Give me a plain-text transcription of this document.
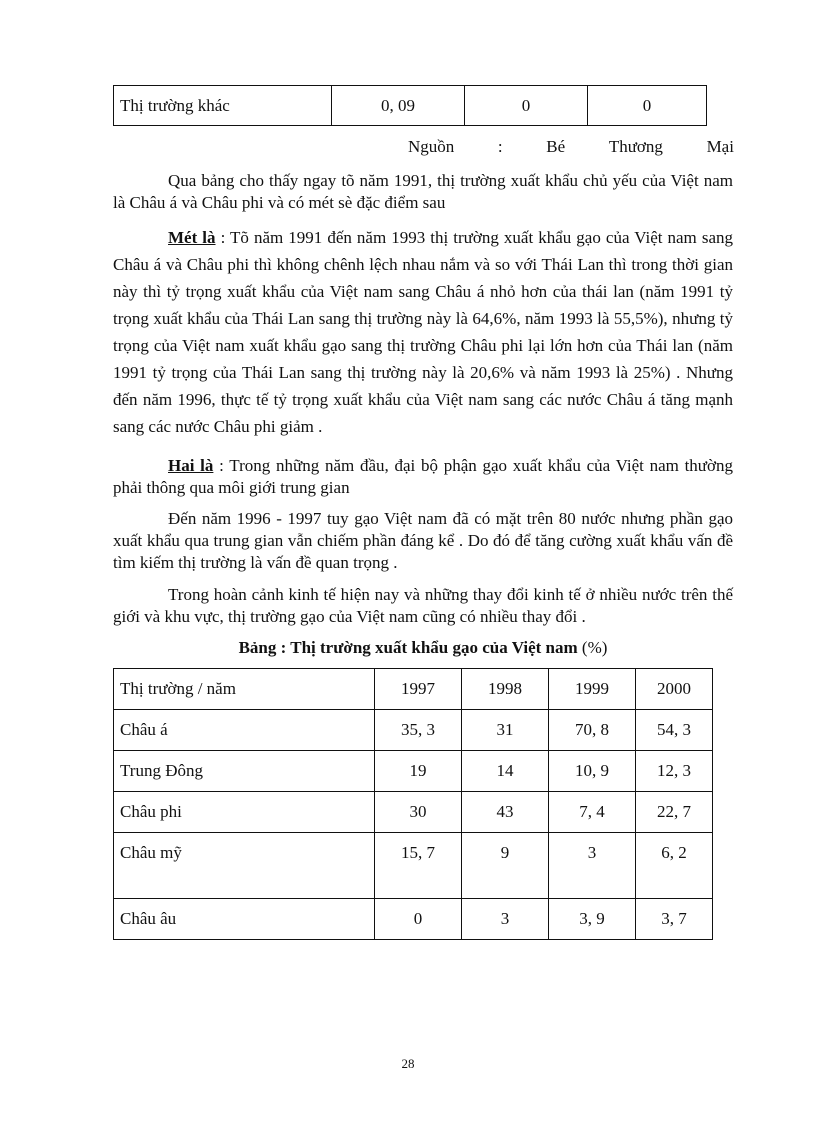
Thị trường khác	0, 09	0	0
Nguồn	:	Bé	Thương	Mại

Qua bảng cho thấy ngay tõ năm 1991, thị trường xuất khẩu chủ yếu của Việt nam là Châu á và Châu phi và có mét sè đặc điểm sau

Mét là : Tõ năm 1991 đến năm 1993 thị trường xuất khẩu gạo của Việt nam sang Châu á và Châu phi thì không chênh lệch nhau nắm và so với Thái Lan thì trong thời gian này thì tỷ trọng xuất khẩu của Việt nam sang Châu á nhỏ hơn của thái lan (năm 1991 tỷ trọng xuất khẩu của Thái Lan sang thị trường này là 64,6%, năm 1993 là 55,5%), nhưng tỷ trọng của Việt nam xuất khẩu gạo sang thị trường Châu phi lại lớn hơn của Thái lan (năm 1991 tỷ trọng của Thái Lan sang thị trường này là 20,6% và năm 1993 là 25%) . Nhưng đến năm 1996, thực tế tỷ trọng xuất khẩu của Việt nam sang các nước Châu á tăng mạnh sang các nước Châu phi giảm .

Hai là : Trong những năm đầu, đại bộ phận gạo xuất khẩu của Việt nam thường phải thông qua môi giới trung gian

Đến năm 1996 - 1997 tuy gạo Việt nam đã có mặt trên 80 nước nhưng phần gạo xuất khẩu qua trung gian vẫn chiếm phần đáng kể . Do đó để tăng cường xuất khẩu vấn đề tìm kiếm thị trường là vấn đề quan trọng .

Trong hoàn cảnh kinh tế hiện nay và những thay đổi kinh tế ở nhiều nước trên thế giới và khu vực, thị trường gạo của Việt nam cũng có nhiều thay đổi .

Bảng : Thị trường xuất khẩu gạo của Việt nam (%)
Thị trường / năm	1997	1998	1999	2000
Châu á	35, 3	31	70, 8	54, 3
Trung Đông	19	14	10, 9	12, 3
Châu phi	30	43	7, 4	22, 7
Châu mỹ	15, 7	9	3	6, 2
Châu âu	0	3	3, 9	3, 7
28
